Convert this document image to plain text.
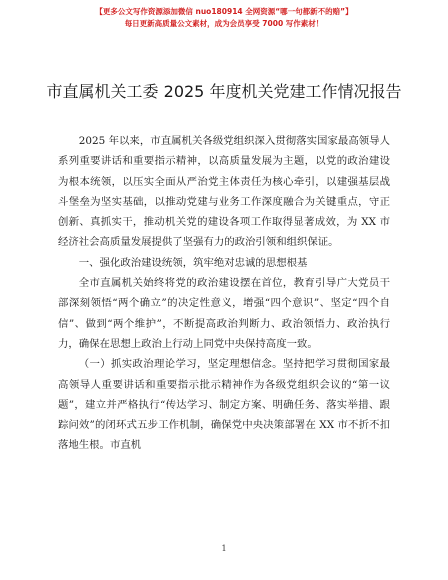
【更多公文写作资源添加微信 nuo180914 全网资源“哪一句都新不的赔”】
每日更新高质量公文素材，成为会员享受 7000 写作素材！
市直属机关工委 2025 年度机关党建工作情况报告

2025 年以来，市直属机关各级党组织深入贯彻落实国家最高领导人系列重要讲话和重要指示精神，以高质量发展为主题，以党的政治建设为根本统领，以压实全面从严治党主体责任为核心牵引，以建强基层战斗堡垒为坚实基础，以推动党建与业务工作深度融合为关键重点，守正创新、真抓实干，推动机关党的建设各项工作取得显著成效，为 XX 市经济社会高质量发展提供了坚强有力的政治引领和组织保证。

一、强化政治建设统领，筑牢绝对忠诚的思想根基

全市直属机关始终将党的政治建设摆在首位，教育引导广大党员干部深刻领悟“两个确立”的决定性意义，增强“四个意识”、坚定“四个自信”、做到“两个维护”，不断提高政治判断力、政治领悟力、政治执行力，确保在思想上政治上行动上同党中央保持高度一致。

（一）抓实政治理论学习，坚定理想信念。坚持把学习贯彻国家最高领导人重要讲话和重要指示批示精神作为各级党组织会议的“第一议题”，建立并严格执行“传达学习、制定方案、明确任务、落实举措、跟踪问效”的闭环式五步工作机制，确保党中央决策部署在 XX 市不折不扣落地生根。市直机

1
